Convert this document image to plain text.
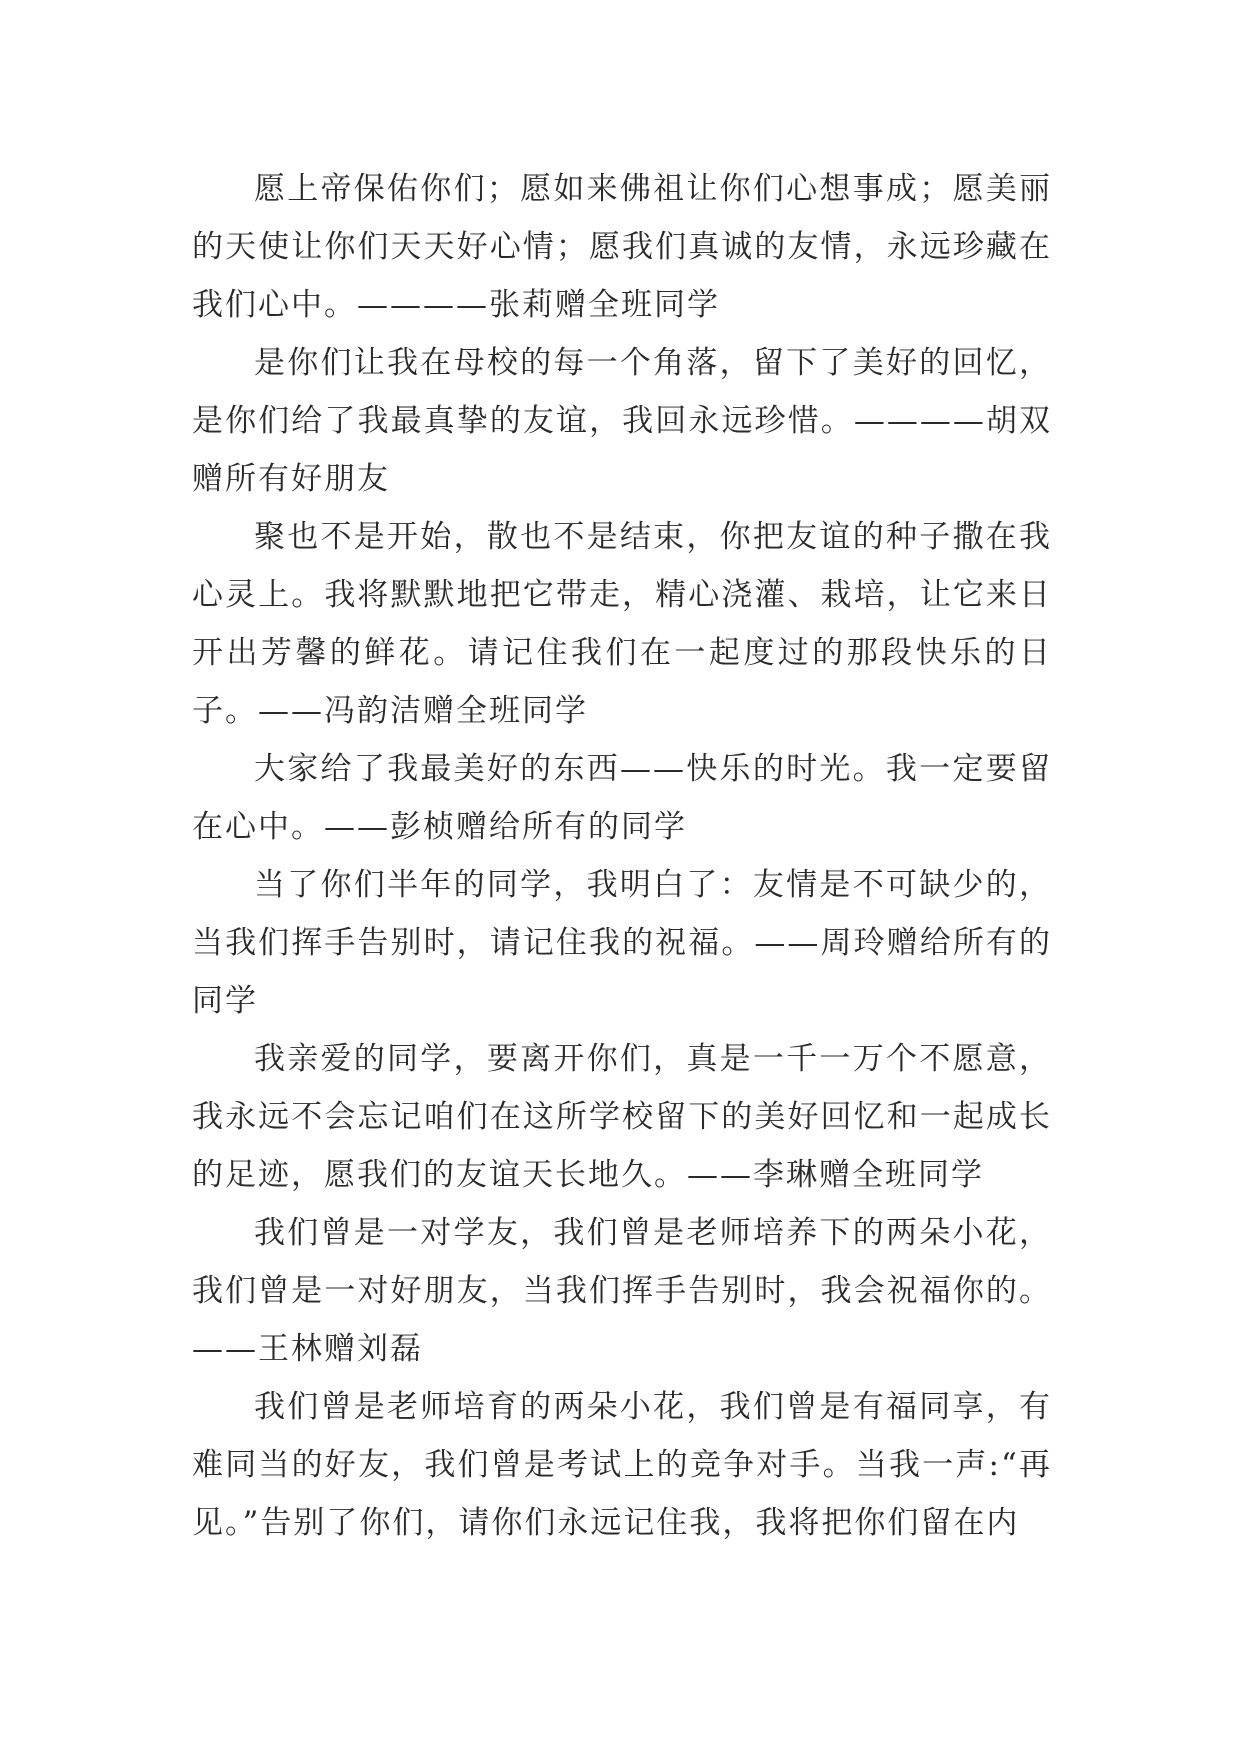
愿上帝保佑你们；愿如来佛祖让你们心想事成；愿美丽的天使让你们天天好心情；愿我们真诚的友情，永远珍藏在我们心中。————张莉赠全班同学

是你们让我在母校的每一个角落，留下了美好的回忆，是你们给了我最真挚的友谊，我回永远珍惜。————胡双赠所有好朋友

聚也不是开始，散也不是结束，你把友谊的种子撒在我心灵上。我将默默地把它带走，精心浇灌、栽培，让它来日开出芳馨的鲜花。请记住我们在一起度过的那段快乐的日子。——冯韵洁赠全班同学

大家给了我最美好的东西——快乐的时光。我一定要留在心中。——彭桢赠给所有的同学

当了你们半年的同学，我明白了：友情是不可缺少的，当我们挥手告别时，请记住我的祝福。——周玲赠给所有的同学

我亲爱的同学，要离开你们，真是一千一万个不愿意，我永远不会忘记咱们在这所学校留下的美好回忆和一起成长的足迹，愿我们的友谊天长地久。——李琳赠全班同学

我们曾是一对学友，我们曾是老师培养下的两朵小花，我们曾是一对好朋友，当我们挥手告别时，我会祝福你的。——王林赠刘磊

我们曾是老师培育的两朵小花，我们曾是有福同享，有难同当的好友，我们曾是考试上的竞争对手。当我一声:“再见。”告别了你们，请你们永远记住我，我将把你们留在内
